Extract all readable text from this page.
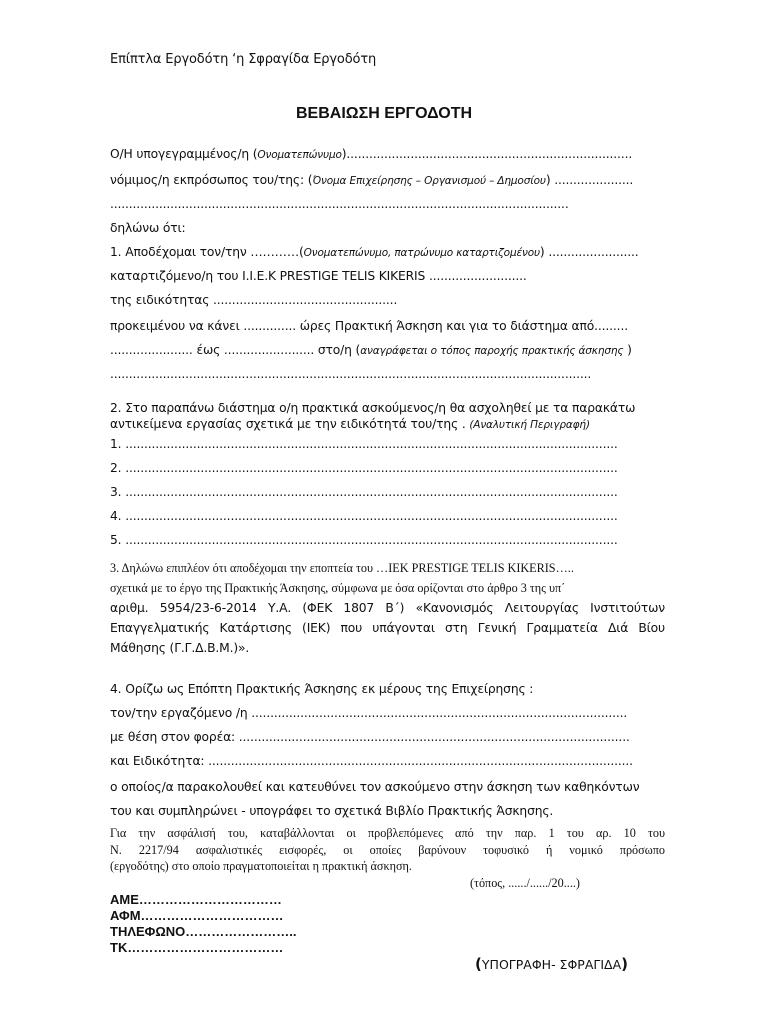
Επίπτλα Εργοδότη ‘η Σφραγίδα Εργοδότη
ΒΕΒΑΙΩΣΗ ΕΡΓΟΔΟΤΗ
Ο/Η υπογεγραμμένος/η (Ονοματεπώνυμο)............................................................................
νόμιμος/η εκπρόσωπος του/της: (Όνομα Επιχείρησης – Οργανισμού – Δημοσίου) .....................
..........................................................................................................................
δηλώνω ότι:
1. Αποδέχομαι τον/την …………(Ονοματεπώνυμο, πατρώνυμο καταρτιζομένου) ........................
καταρτιζόμενο/η του Ι.Ι.Ε.Κ PRESTIGE TELIS KIKERIS ..........................
της ειδικότητας .................................................
προκειμένου να κάνει .............. ώρες Πρακτική Άσκηση και για το διάστημα από.........
...................... έως ........................ στο/η (αναγράφεται ο τόπος παροχής πρακτικής άσκησης )
................................................................................................................................
2. Στο παραπάνω διάστημα ο/η πρακτικά ασκούμενος/η θα ασχοληθεί με τα παρακάτω
αντικείμενα εργασίας σχετικά με την ειδικότητά του/της . (Αναλυτική Περιγραφή)
1. ...................................................................................................................................
2. ...................................................................................................................................
3. ...................................................................................................................................
4. ...................................................................................................................................
5. ...................................................................................................................................
3. Δηλώνω επιπλέον ότι αποδέχομαι την εποπτεία του …ΙΕΚ PRESTIGE TELIS KIKERIS…..
σχετικά με το έργο της Πρακτικής Άσκησης, σύμφωνα με όσα ορίζονται στο άρθρο 3 της υπ΄
αριθμ. 5954/23-6-2014 Υ.Α. (ΦΕΚ 1807 Β΄) «Κανονισμός Λειτουργίας Ινστιτούτων
Επαγγελματικής Κατάρτισης (ΙΕΚ) που υπάγονται στη Γενική Γραμματεία Διά Βίου
Μάθησης (Γ.Γ.Δ.Β.Μ.)».
4. Ορίζω ως Επόπτη Πρακτικής Άσκησης εκ μέρους της Επιχείρησης :
τον/την εργαζόμενο /η ....................................................................................................
με θέση στον φορέα: ........................................................................................................
και Ειδικότητα: .................................................................................................................
ο οποίος/α παρακολουθεί και κατευθύνει τον ασκούμενο στην άσκηση των καθηκόντων
του και συμπληρώνει - υπογράφει το σχετικά Βιβλίο Πρακτικής Άσκησης.
Για την ασφάλισή του, καταβάλλονται οι προβλεπόμενες από την παρ. 1 του αρ. 10 του
Ν. 2217/94 ασφαλιστικές εισφορές, οι οποίες βαρύνουν τοφυσικό ή νομικό πρόσωπο
(εργοδότης) στο οποίο πραγματοποιείται η πρακτική άσκηση.
(τόπος, ....../....../20....)
ΑΜΕ……………………………
ΑΦΜ……………………………
ΤΗΛΕΦΩΝΟ……………………..
ΤΚ………………………………
(ΥΠΟΓΡΑΦΗ- ΣΦΡΑΓΙΔΑ)
